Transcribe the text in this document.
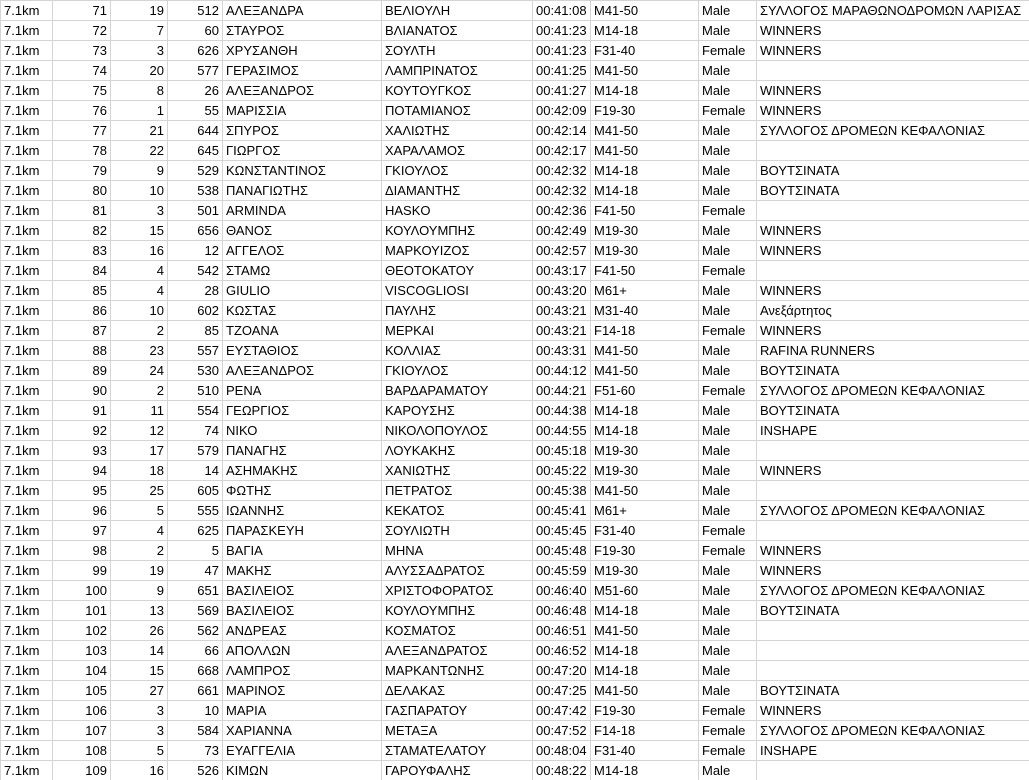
7.1km	71	19	512	ΑΛΕΞΑΝΔΡΑ	ΒΕΛΙΟΥΛΗ	00:41:08	M41-50	Male	ΣΥΛΛΟΓΟΣ ΜΑΡΑΘΩΝΟΔΡΟΜΩΝ ΛΑΡΙΣΑΣ
7.1km	72	7	60	ΣΤΑΥΡΟΣ	ΒΛΙΑΝΑΤΟΣ	00:41:23	M14-18	Male	WINNERS
7.1km	73	3	626	ΧΡΥΣΑΝΘΗ	ΣΟΥΛΤΗ	00:41:23	F31-40	Female	WINNERS
7.1km	74	20	577	ΓΕΡΑΣΙΜΟΣ	ΛΑΜΠΡΙΝΑΤΟΣ	00:41:25	M41-50	Male	
7.1km	75	8	26	ΑΛΕΞΑΝΔΡΟΣ	ΚΟΥΤΟΥΓΚΟΣ	00:41:27	M14-18	Male	WINNERS
7.1km	76	1	55	ΜΑΡΙΣΣΙΑ	ΠΟΤΑΜΙΑΝΟΣ	00:42:09	F19-30	Female	WINNERS
7.1km	77	21	644	ΣΠΥΡΟΣ	ΧΑΛΙΩΤΗΣ	00:42:14	M41-50	Male	ΣΥΛΛΟΓΟΣ ΔΡΟΜΕΩΝ ΚΕΦΑΛΟΝΙΑΣ
7.1km	78	22	645	ΓΙΩΡΓΟΣ	ΧΑΡΑΛΑΜΟΣ	00:42:17	M41-50	Male	
7.1km	79	9	529	ΚΩΝΣΤΑΝΤΙΝΟΣ	ΓΚΙΟΥΛΟΣ	00:42:32	M14-18	Male	ΒΟΥΤΣΙΝΑΤΑ
7.1km	80	10	538	ΠΑΝΑΓΙΩΤΗΣ	ΔΙΑΜΑΝΤΗΣ	00:42:32	M14-18	Male	ΒΟΥΤΣΙΝΑΤΑ
7.1km	81	3	501	ARMINDA	HASKO	00:42:36	F41-50	Female	
7.1km	82	15	656	ΘΑΝΟΣ	ΚΟΥΛΟΥΜΠΗΣ	00:42:49	M19-30	Male	WINNERS
7.1km	83	16	12	ΑΓΓΕΛΟΣ	ΜΑΡΚΟΥΙΖΟΣ	00:42:57	M19-30	Male	WINNERS
7.1km	84	4	542	ΣΤΑΜΩ	ΘΕΟΤΟΚΑΤΟΥ	00:43:17	F41-50	Female	
7.1km	85	4	28	GIULIO	VISCOGLIOSI	00:43:20	M61+	Male	WINNERS
7.1km	86	10	602	ΚΩΣΤΑΣ	ΠΑΥΛΗΣ	00:43:21	M31-40	Male	Ανεξάρτητος
7.1km	87	2	85	ΤΖΟΑΝΑ	ΜΕΡΚΑΙ	00:43:21	F14-18	Female	WINNERS
7.1km	88	23	557	ΕΥΣΤΑΘΙΟΣ	ΚΟΛΛΙΑΣ	00:43:31	M41-50	Male	RAFINA RUNNERS
7.1km	89	24	530	ΑΛΕΞΑΝΔΡΟΣ	ΓΚΙΟΥΛΟΣ	00:44:12	M41-50	Male	ΒΟΥΤΣΙΝΑΤΑ
7.1km	90	2	510	ΡΕΝΑ	ΒΑΡΔΑΡΑΜΑΤΟΥ	00:44:21	F51-60	Female	ΣΥΛΛΟΓΟΣ ΔΡΟΜΕΩΝ ΚΕΦΑΛΟΝΙΑΣ
7.1km	91	11	554	ΓΕΩΡΓΙΟΣ	ΚΑΡΟΥΣΗΣ	00:44:38	M14-18	Male	ΒΟΥΤΣΙΝΑΤΑ
7.1km	92	12	74	ΝΙΚΟ	ΝΙΚΟΛΟΠΟΥΛΟΣ	00:44:55	M14-18	Male	INSHAPE
7.1km	93	17	579	ΠΑΝΑΓΗΣ	ΛΟΥΚΑΚΗΣ	00:45:18	M19-30	Male	
7.1km	94	18	14	ΑΣΗΜΑΚΗΣ	ΧΑΝΙΩΤΗΣ	00:45:22	M19-30	Male	WINNERS
7.1km	95	25	605	ΦΩΤΗΣ	ΠΕΤΡΑΤΟΣ	00:45:38	M41-50	Male	
7.1km	96	5	555	ΙΩΑΝΝΗΣ	ΚΕΚΑΤΟΣ	00:45:41	M61+	Male	ΣΥΛΛΟΓΟΣ ΔΡΟΜΕΩΝ ΚΕΦΑΛΟΝΙΑΣ
7.1km	97	4	625	ΠΑΡΑΣΚΕΥΗ	ΣΟΥΛΙΩΤΗ	00:45:45	F31-40	Female	
7.1km	98	2	5	ΒΑΓΙΑ	ΜΗΝΑ	00:45:48	F19-30	Female	WINNERS
7.1km	99	19	47	ΜΑΚΗΣ	ΑΛΥΣΣΑΔΡΑΤΟΣ	00:45:59	M19-30	Male	WINNERS
7.1km	100	9	651	ΒΑΣΙΛΕΙΟΣ	ΧΡΙΣΤΟΦΟΡΑΤΟΣ	00:46:40	M51-60	Male	ΣΥΛΛΟΓΟΣ ΔΡΟΜΕΩΝ ΚΕΦΑΛΟΝΙΑΣ
7.1km	101	13	569	ΒΑΣΙΛΕΙΟΣ	ΚΟΥΛΟΥΜΠΗΣ	00:46:48	M14-18	Male	ΒΟΥΤΣΙΝΑΤΑ
7.1km	102	26	562	ΑΝΔΡΕΑΣ	ΚΟΣΜΑΤΟΣ	00:46:51	M41-50	Male	
7.1km	103	14	66	ΑΠΟΛΛΩΝ	ΑΛΕΞΑΝΔΡΑΤΟΣ	00:46:52	M14-18	Male	
7.1km	104	15	668	ΛΑΜΠΡΟΣ	ΜΑΡΚΑΝΤΩΝΗΣ	00:47:20	M14-18	Male	
7.1km	105	27	661	ΜΑΡΙΝΟΣ	ΔΕΛΑΚΑΣ	00:47:25	M41-50	Male	ΒΟΥΤΣΙΝΑΤΑ
7.1km	106	3	10	ΜΑΡΙΑ	ΓΑΣΠΑΡΑΤΟΥ	00:47:42	F19-30	Female	WINNERS
7.1km	107	3	584	ΧΑΡΙΑΝΝΑ	ΜΕΤΑΞΑ	00:47:52	F14-18	Female	ΣΥΛΛΟΓΟΣ ΔΡΟΜΕΩΝ ΚΕΦΑΛΟΝΙΑΣ
7.1km	108	5	73	ΕΥΑΓΓΕΛΙΑ	ΣΤΑΜΑΤΕΛΑΤΟΥ	00:48:04	F31-40	Female	INSHAPE
7.1km	109	16	526	ΚΙΜΩΝ	ΓΑΡΟΥΦΑΛΗΣ	00:48:22	M14-18	Male	
